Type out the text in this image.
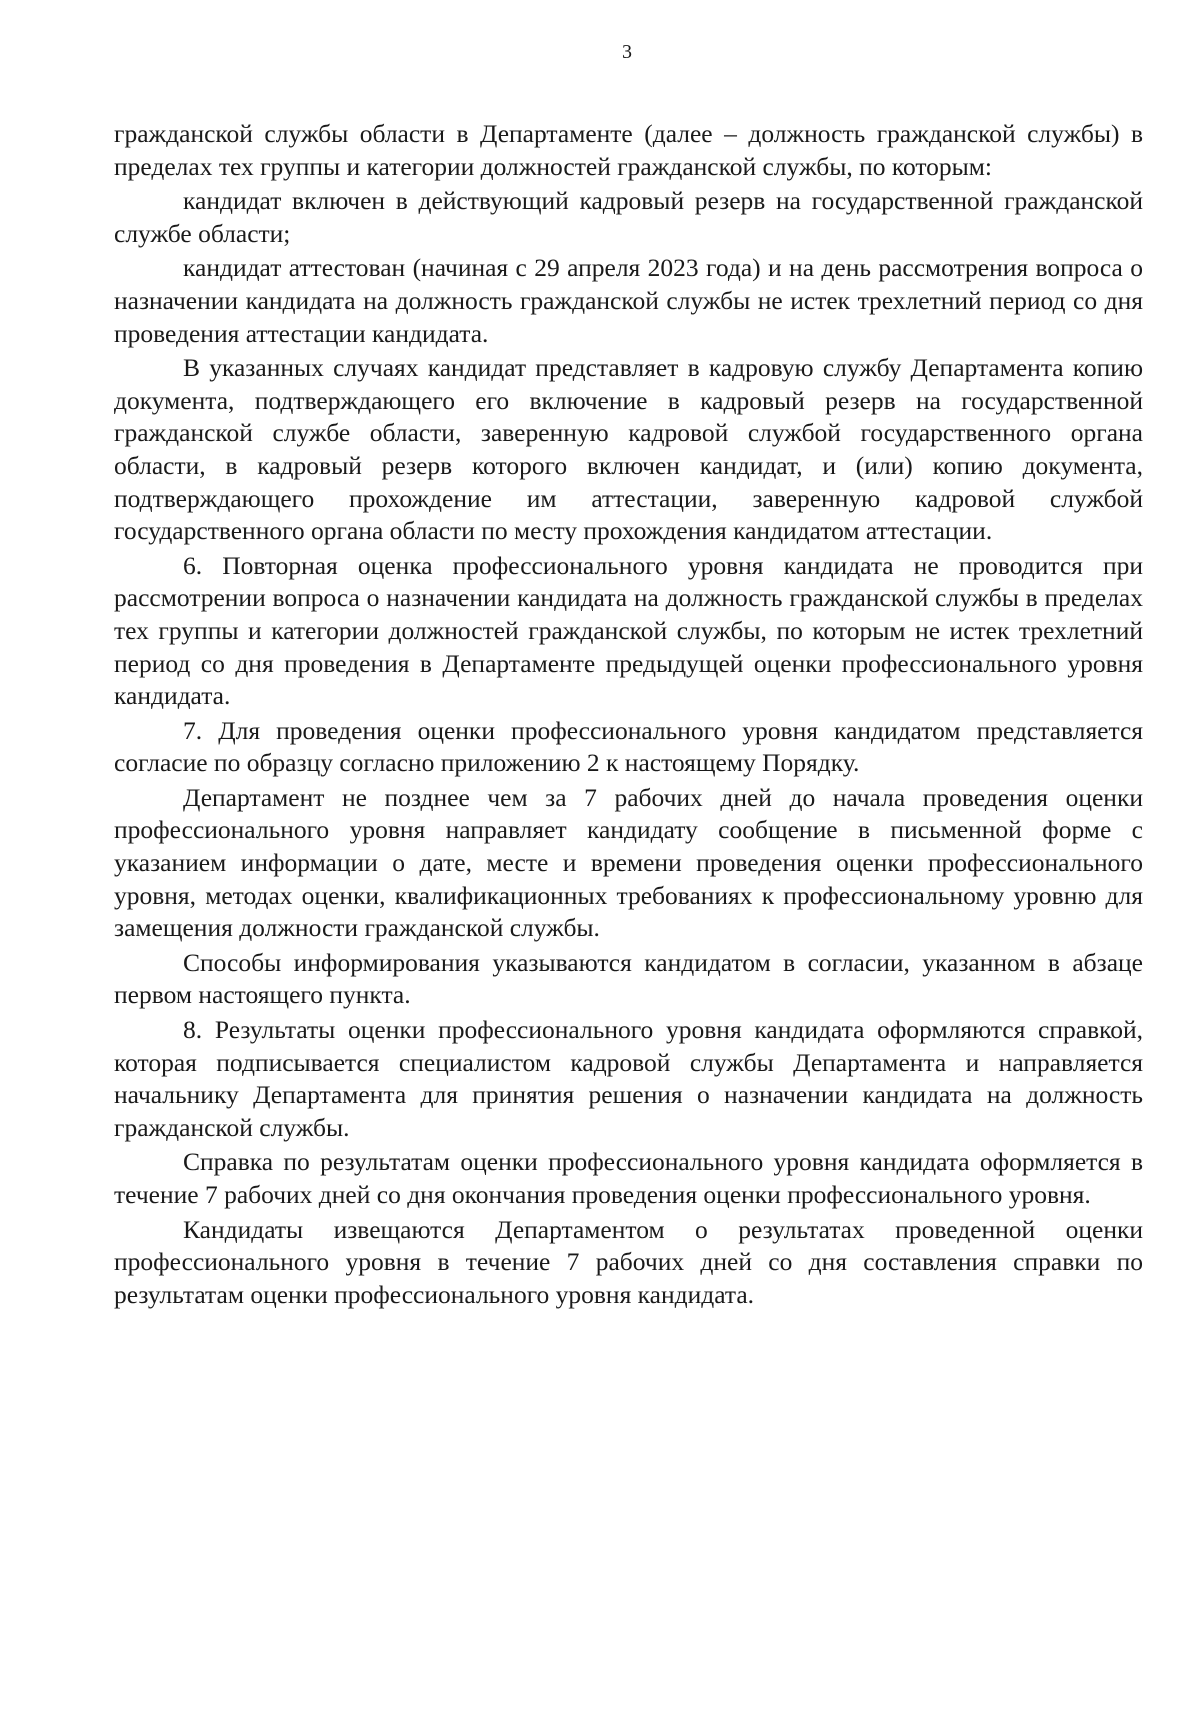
3

гражданской службы области в Департаменте (далее – должность гражданской службы) в пределах тех группы и категории должностей гражданской службы, по которым:

кандидат включен в действующий кадровый резерв на государственной гражданской службе области;

кандидат аттестован (начиная с 29 апреля 2023 года) и на день рассмотрения вопроса о назначении кандидата на должность гражданской службы не истек трехлетний период со дня проведения аттестации кандидата.

В указанных случаях кандидат представляет в кадровую службу Департамента копию документа, подтверждающего его включение в кадровый резерв на государственной гражданской службе области, заверенную кадровой службой государственного органа области, в кадровый резерв которого включен кандидат, и (или) копию документа, подтверждающего прохождение им аттестации, заверенную кадровой службой государственного органа области по месту прохождения кандидатом аттестации.

6. Повторная оценка профессионального уровня кандидата не проводится при рассмотрении вопроса о назначении кандидата на должность гражданской службы в пределах тех группы и категории должностей гражданской службы, по которым не истек трехлетний период со дня проведения в Департаменте предыдущей оценки профессионального уровня кандидата.

7. Для проведения оценки профессионального уровня кандидатом представляется согласие по образцу согласно приложению 2 к настоящему Порядку.

Департамент не позднее чем за 7 рабочих дней до начала проведения оценки профессионального уровня направляет кандидату сообщение в письменной форме с указанием информации о дате, месте и времени проведения оценки профессионального уровня, методах оценки, квалификационных требованиях к профессиональному уровню для замещения должности гражданской службы.

Способы информирования указываются кандидатом в согласии, указанном в абзаце первом настоящего пункта.

8. Результаты оценки профессионального уровня кандидата оформляются справкой, которая подписывается специалистом кадровой службы Департамента и направляется начальнику Департамента для принятия решения о назначении кандидата на должность гражданской службы.

Справка по результатам оценки профессионального уровня кандидата оформляется в течение 7 рабочих дней со дня окончания проведения оценки профессионального уровня.

Кандидаты извещаются Департаментом о результатах проведенной оценки профессионального уровня в течение 7 рабочих дней со дня составления справки по результатам оценки профессионального уровня кандидата.
